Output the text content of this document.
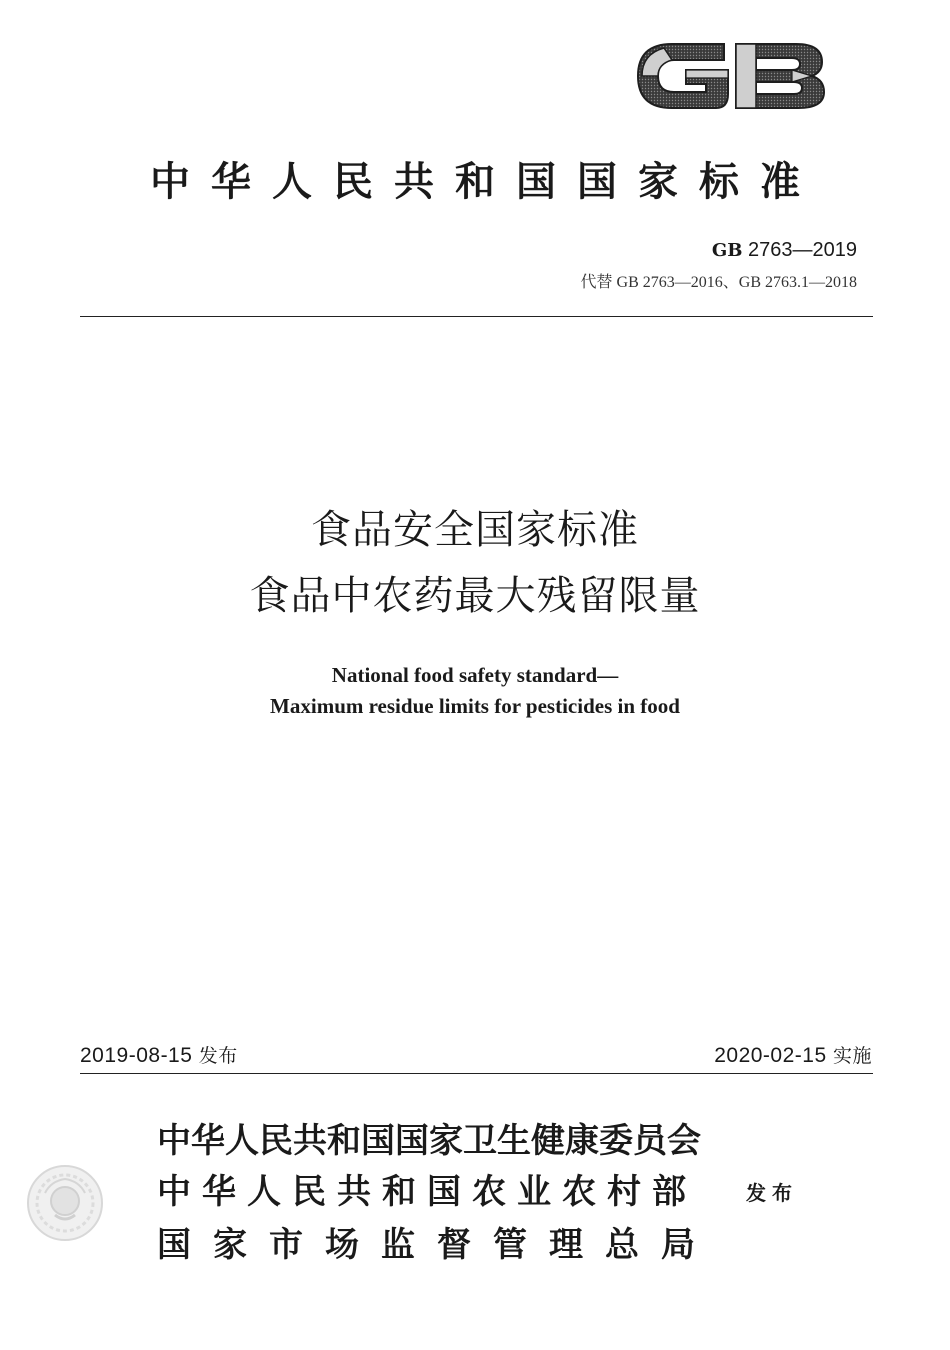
中华人民共和国国家标准
GB 2763—2019
代替 GB 2763—2016、GB 2763.1—2018
食品安全国家标准
食品中农药最大残留限量
National food safety standard—
Maximum residue limits for pesticides in food
2019-08-15 发布	2020-02-15 实施
中华人民共和国国家卫生健康委员会
中华人民共和国农业农村部
国家市场监督管理总局
发布
